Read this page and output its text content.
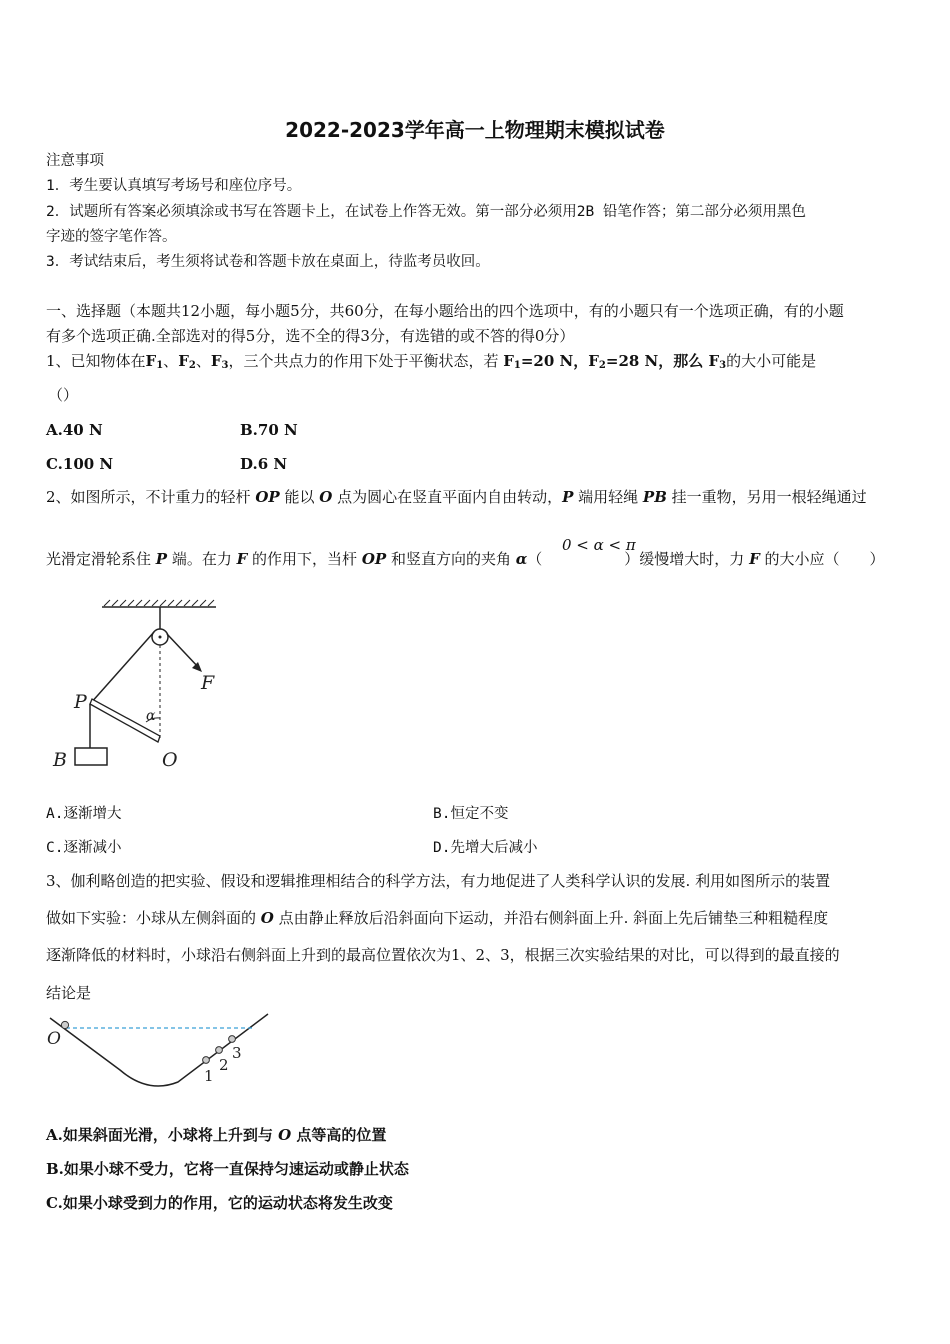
2022-2023学年高一上物理期末模拟试卷
注意事项
1．考生要认真填写考场号和座位序号。
2．试题所有答案必须填涂或书写在答题卡上，在试卷上作答无效。第一部分必须用2B 铅笔作答；第二部分必须用黑色
字迹的签字笔作答。
3．考试结束后，考生须将试卷和答题卡放在桌面上，待监考员收回。
一、选择题（本题共12小题，每小题5分，共60分，在每小题给出的四个选项中，有的小题只有一个选项正确，有的小题
有多个选项正确.全部选对的得5分，选不全的得3分，有选错的或不答的得0分）
1、已知物体在$F_1$、$F_2$、$F_3$，三个共点力的作用下处于平衡状态，若 $F_1=20$ N，$F_2=28$ N，那么 $F_3$的大小可能是
（）
A.40 N	B.70 N
C.100 N	D.6 N
2、如图所示，不计重力的轻杆 OP 能以 O 点为圆心在竖直平面内自由转动，P 端用轻绳 PB 挂一重物，另用一根轻绳通过
光滑定滑轮系住 P 端。在力 F 的作用下，当杆 OP 和竖直方向的夹角 α（	）缓慢增大时，力 F 的大小应（　　）
0 < α < π
P
F
α
B	O
A.逐渐增大	B.恒定不变
C.逐渐减小	D.先增大后减小
3、伽利略创造的把实验、假设和逻辑推理相结合的科学方法，有力地促进了人类科学认识的发展. 利用如图所示的装置
做如下实验：小球从左侧斜面的 O 点由静止释放后沿斜面向下运动，并沿右侧斜面上升. 斜面上先后铺垫三种粗糙程度
逐渐降低的材料时，小球沿右侧斜面上升到的最高位置依次为1、2、3，根据三次实验结果的对比，可以得到的最直接的
结论是
O
1
2
3
A.如果斜面光滑，小球将上升到与 O 点等高的位置
B.如果小球不受力，它将一直保持匀速运动或静止状态
C.如果小球受到力的作用，它的运动状态将发生改变
